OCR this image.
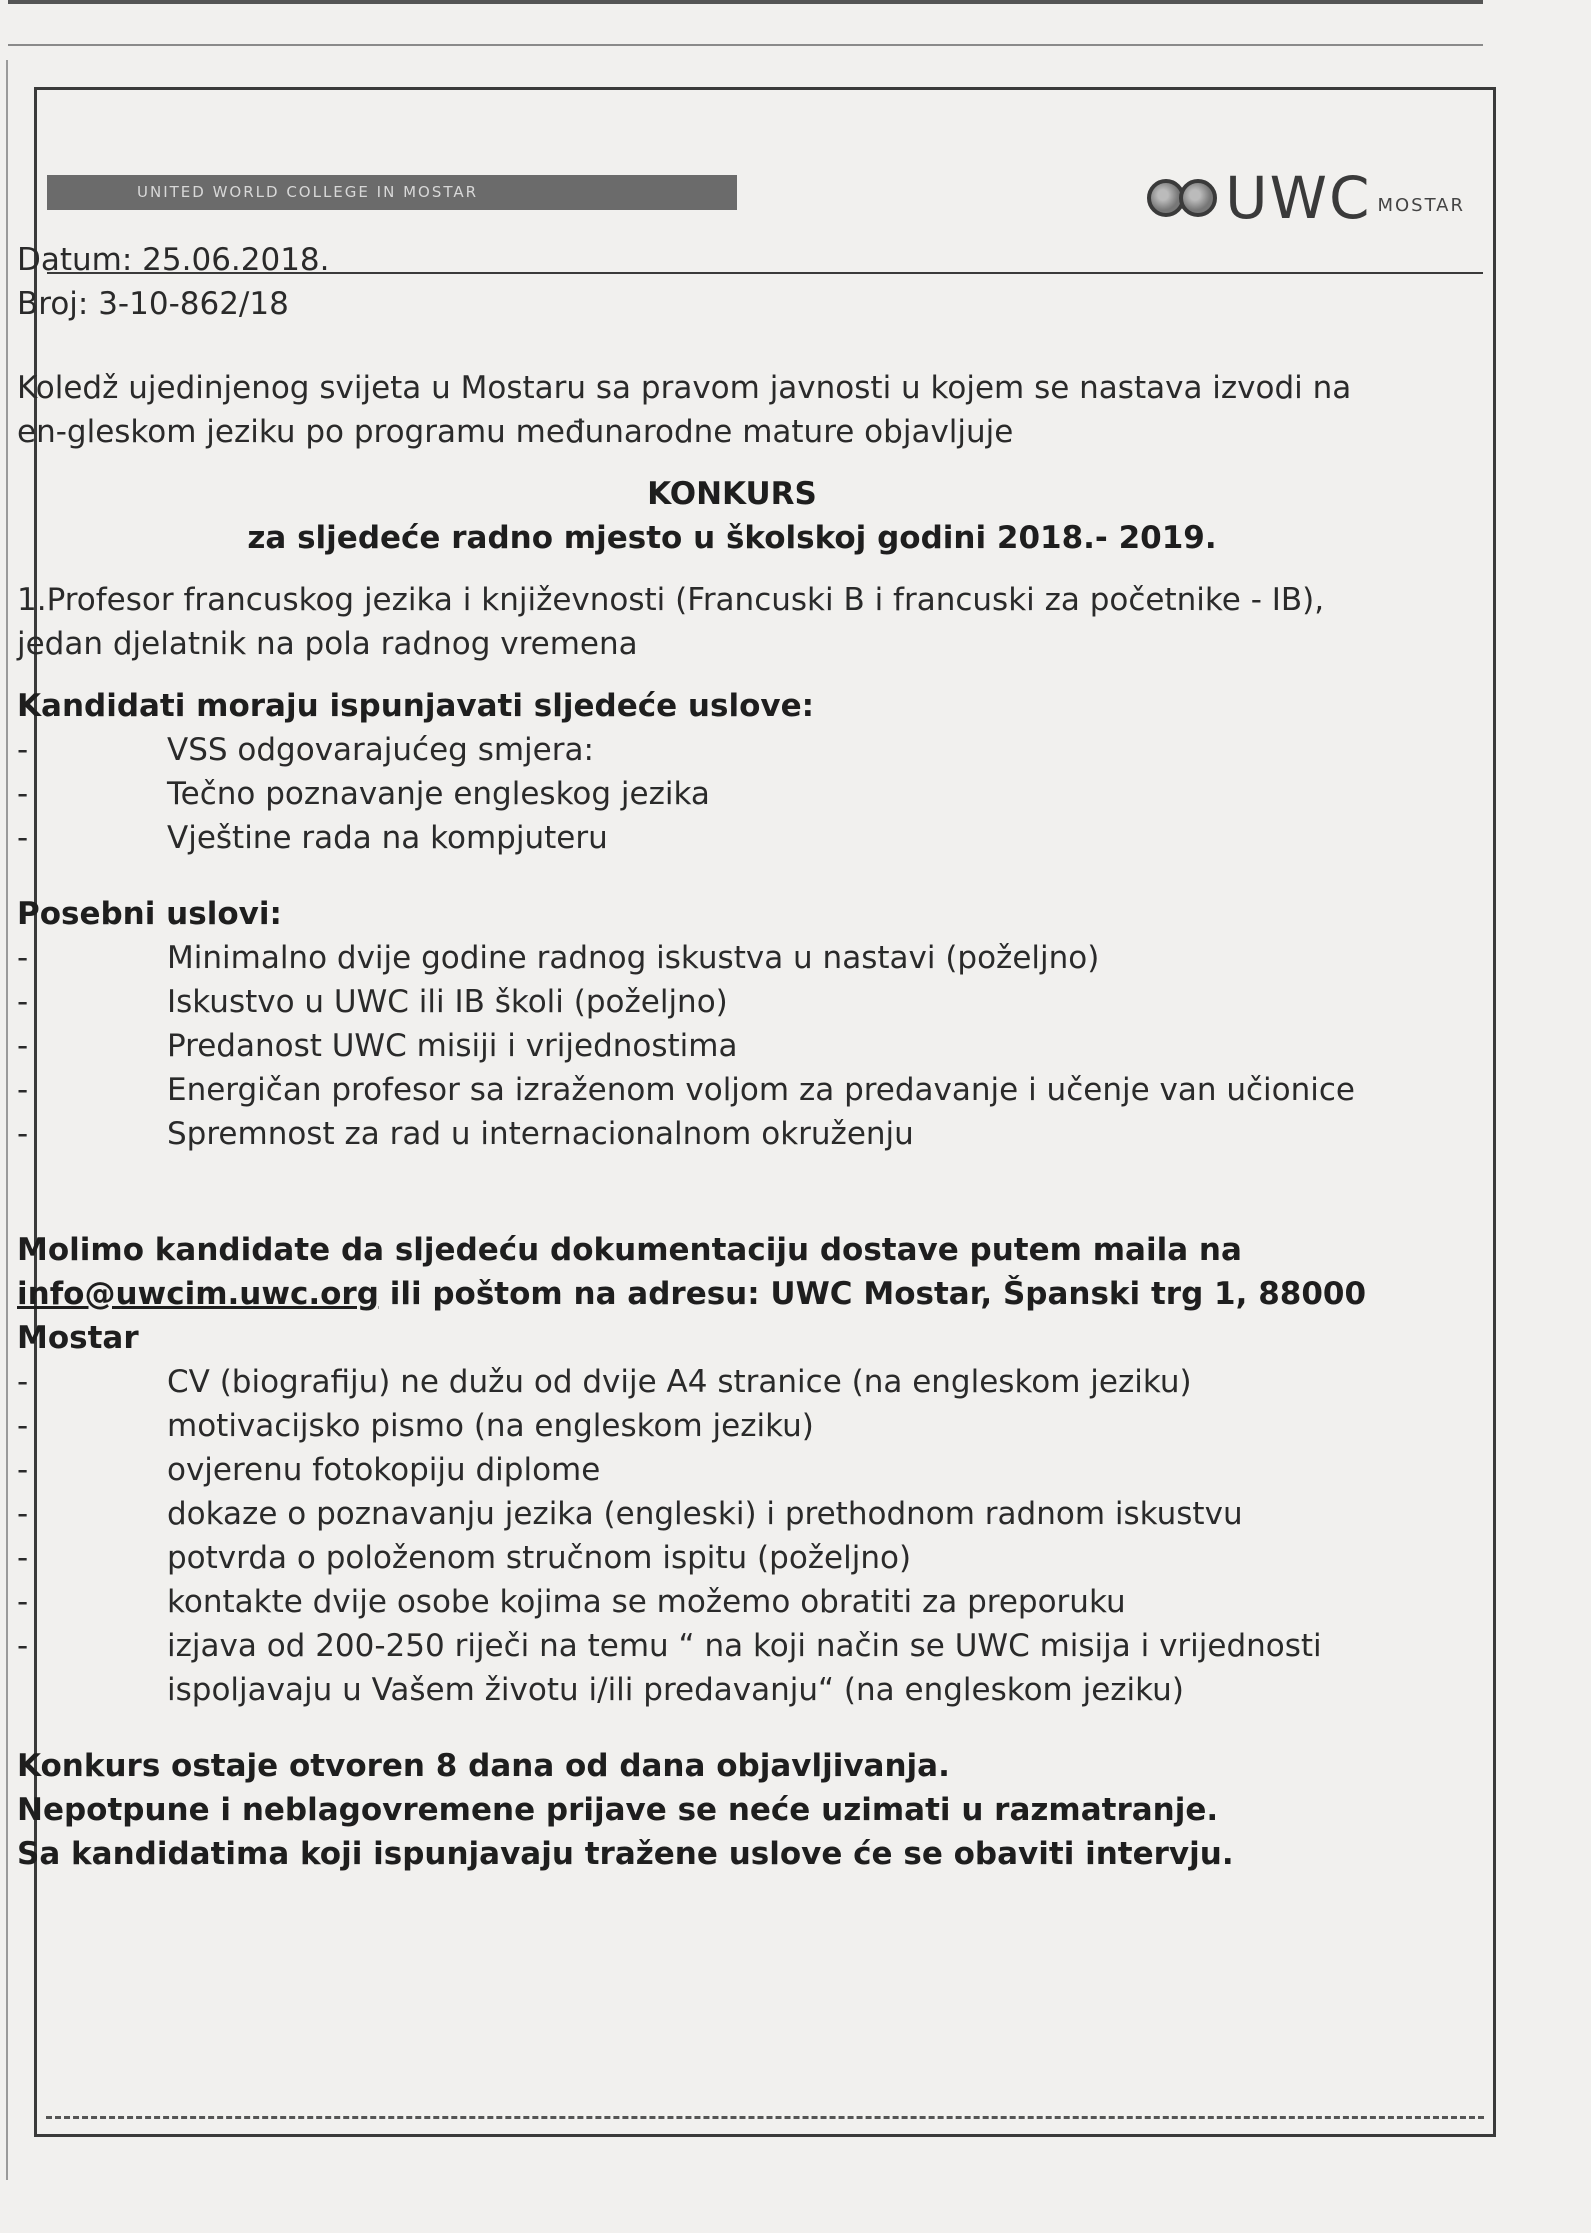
UNITED WORLD COLLEGE IN MOSTAR	UWC MOSTAR
Datum: 25.06.2018.
Broj: 3-10-862/18
Koledž ujedinjenog svijeta u Mostaru sa pravom javnosti u kojem se nastava izvodi na
en-gleskom jeziku po programu međunarodne mature objavljuje
KONKURS
za sljedeće radno mjesto u školskoj godini 2018.- 2019.
1.Profesor francuskog jezika i književnosti (Francuski B i francuski za početnike - IB),
jedan djelatnik na pola radnog vremena
Kandidati moraju ispunjavati sljedeće uslove:
-	VSS odgovarajućeg smjera:
-	Tečno poznavanje engleskog jezika
-	Vještine rada na kompjuteru
Posebni uslovi:
-	Minimalno dvije godine radnog iskustva u nastavi (poželjno)
-	Iskustvo u UWC ili IB školi (poželjno)
-	Predanost UWC misiji i vrijednostima
-	Energičan profesor sa izraženom voljom za predavanje i učenje van učionice
-	Spremnost za rad u internacionalnom okruženju
Molimo kandidate da sljedeću dokumentaciju dostave putem maila na
info@uwcim.uwc.org ili poštom na adresu: UWC Mostar, Španski trg 1, 88000
Mostar
-	CV (biografiju) ne dužu od dvije A4 stranice (na engleskom jeziku)
-	motivacijsko pismo (na engleskom jeziku)
-	ovjerenu fotokopiju diplome
-	dokaze o poznavanju jezika (engleski) i prethodnom radnom iskustvu
-	potvrda o položenom stručnom ispitu (poželjno)
-	kontakte dvije osobe kojima se možemo obratiti za preporuku
-	izjava od 200-250 riječi na temu “ na koji način se UWC misija i vrijednosti
ispoljavaju u Vašem životu i/ili predavanju“ (na engleskom jeziku)
Konkurs ostaje otvoren 8 dana od dana objavljivanja.
Nepotpune i neblagovremene prijave se neće uzimati u razmatranje.
Sa kandidatima koji ispunjavaju tražene uslove će se obaviti intervju.
